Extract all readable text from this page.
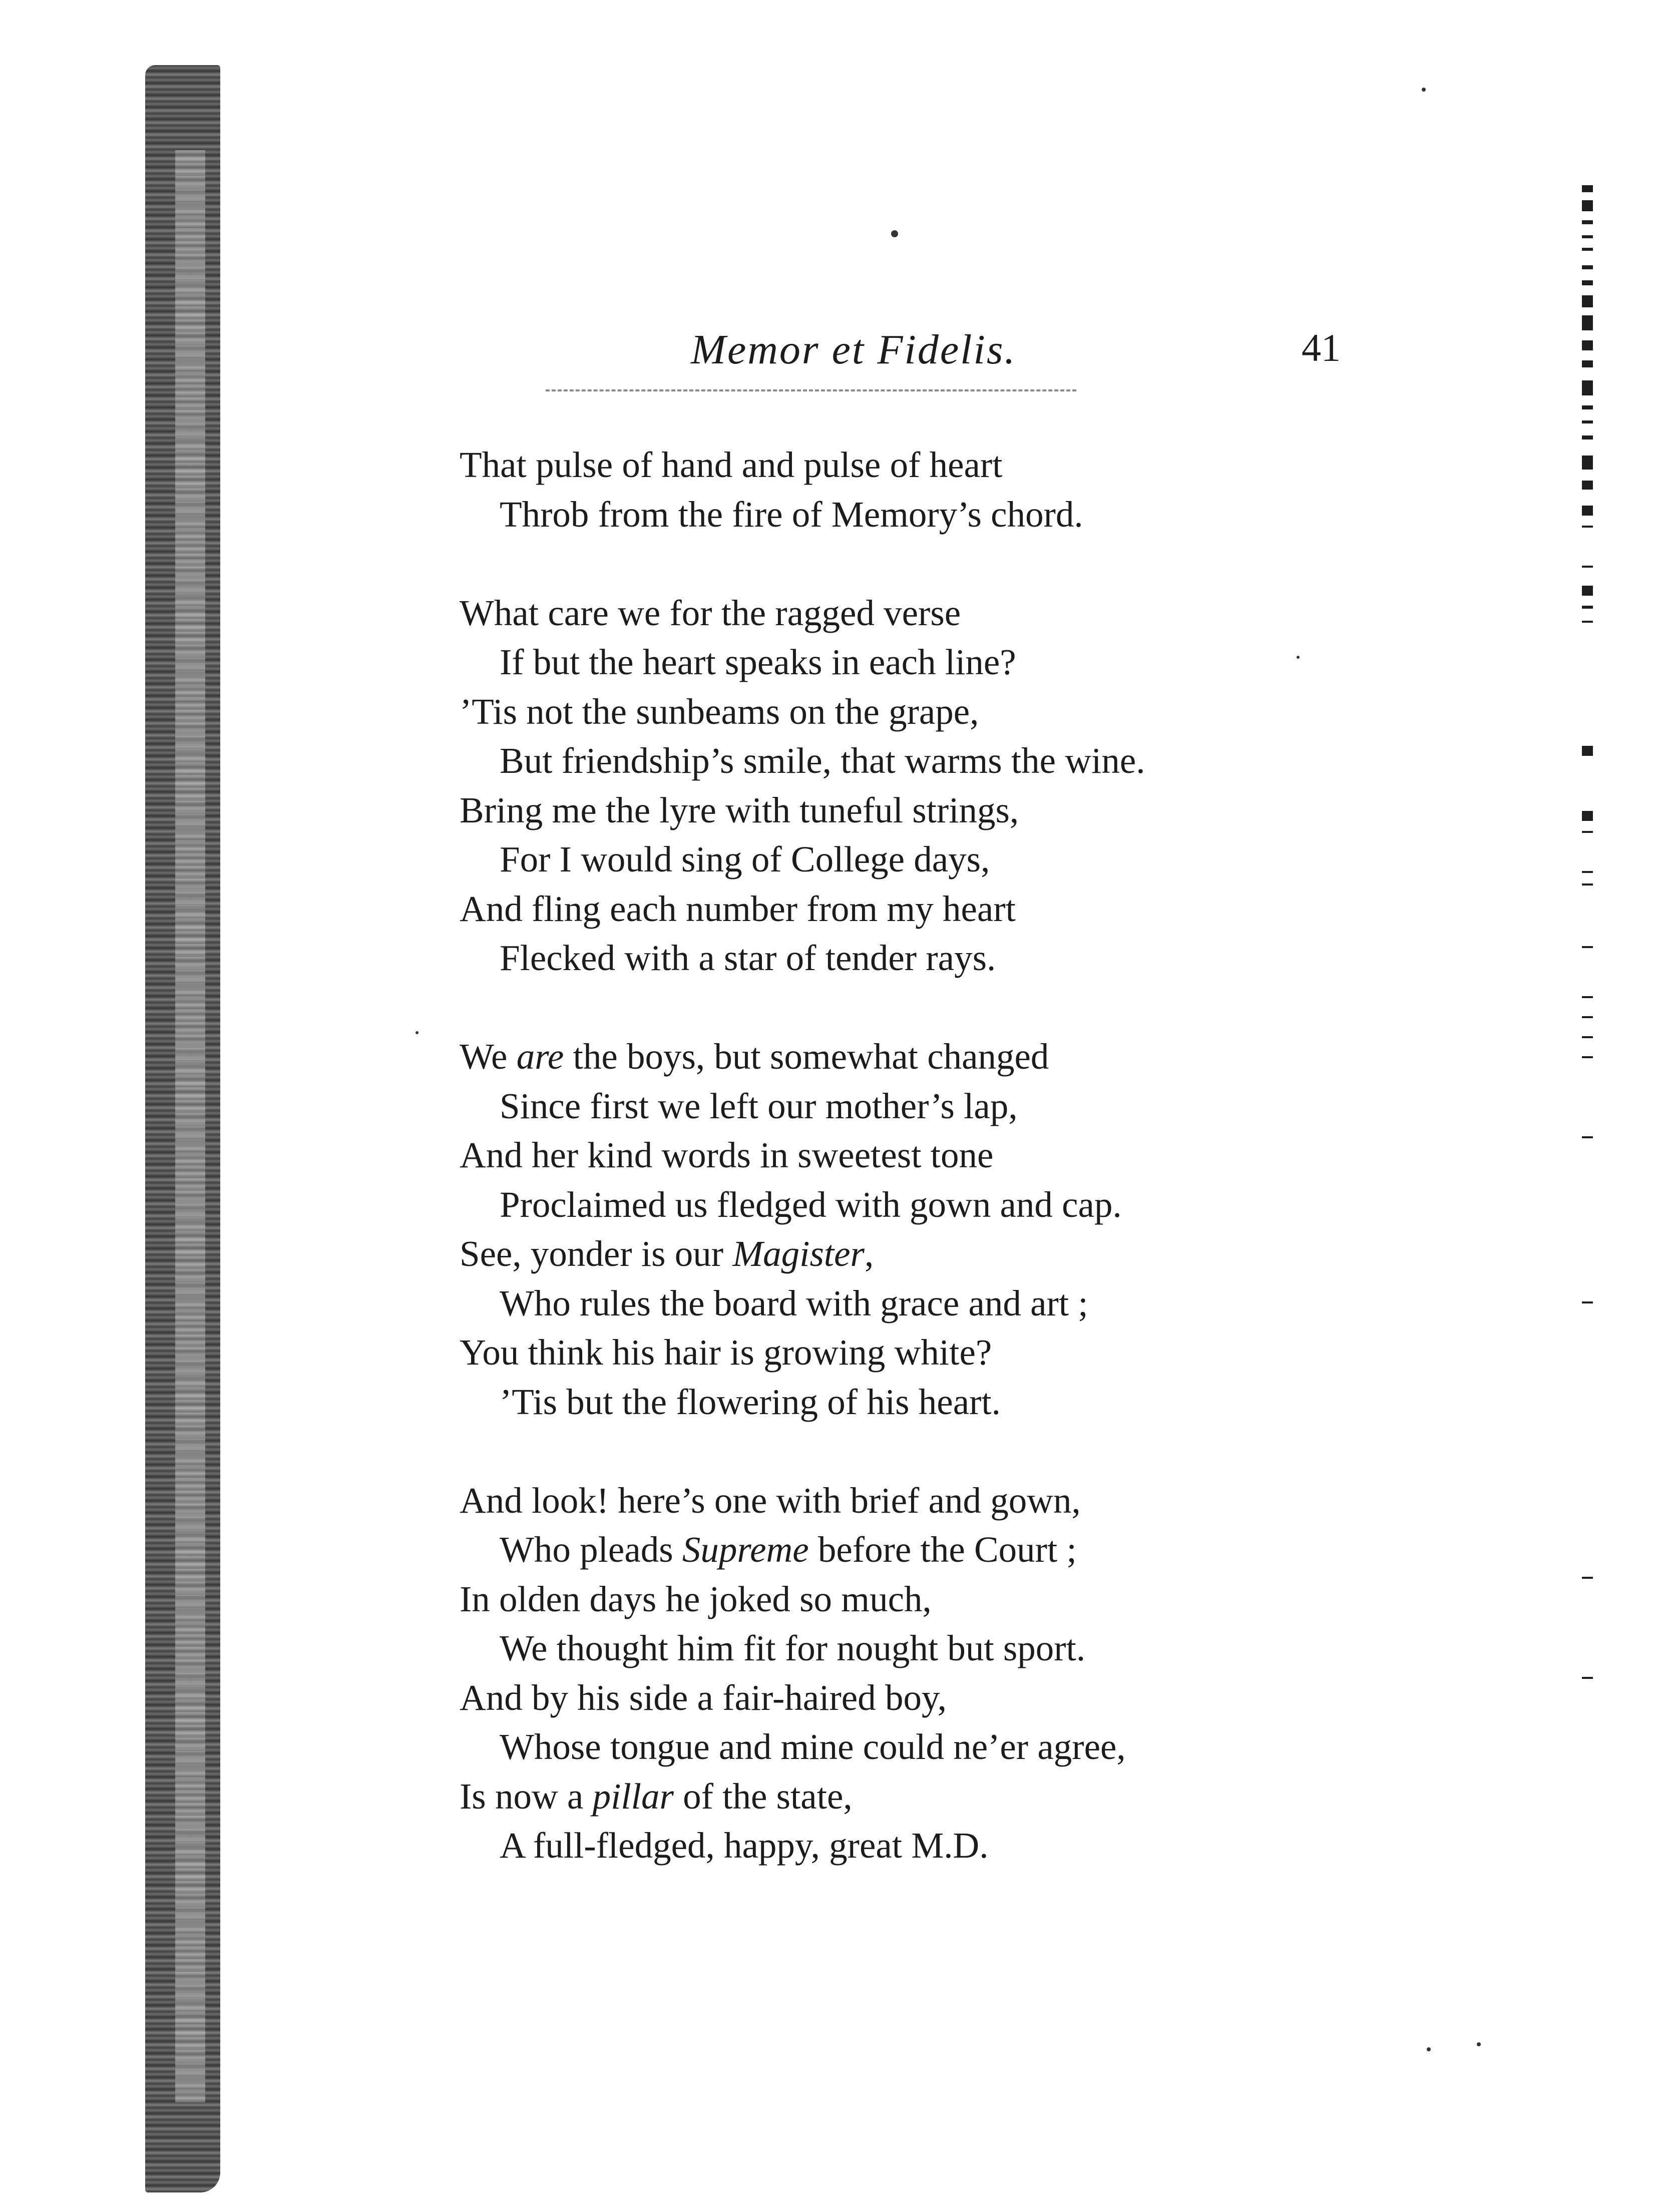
Memor et Fidelis.	41
That pulse of hand and pulse of heart
Throb from the fire of Memory’s chord.
What care we for the ragged verse
If but the heart speaks in each line?
’Tis not the sunbeams on the grape,
But friendship’s smile, that warms the wine.
Bring me the lyre with tuneful strings,
For I would sing of College days,
And fling each number from my heart
Flecked with a star of tender rays.
We are the boys, but somewhat changed
Since first we left our mother’s lap,
And her kind words in sweetest tone
Proclaimed us fledged with gown and cap.
See, yonder is our Magister,
Who rules the board with grace and art ;
You think his hair is growing white?
’Tis but the flowering of his heart.
And look! here’s one with brief and gown,
Who pleads Supreme before the Court ;
In olden days he joked so much,
We thought him fit for nought but sport.
And by his side a fair-haired boy,
Whose tongue and mine could ne’er agree,
Is now a pillar of the state,
A full-fledged, happy, great M.D.
